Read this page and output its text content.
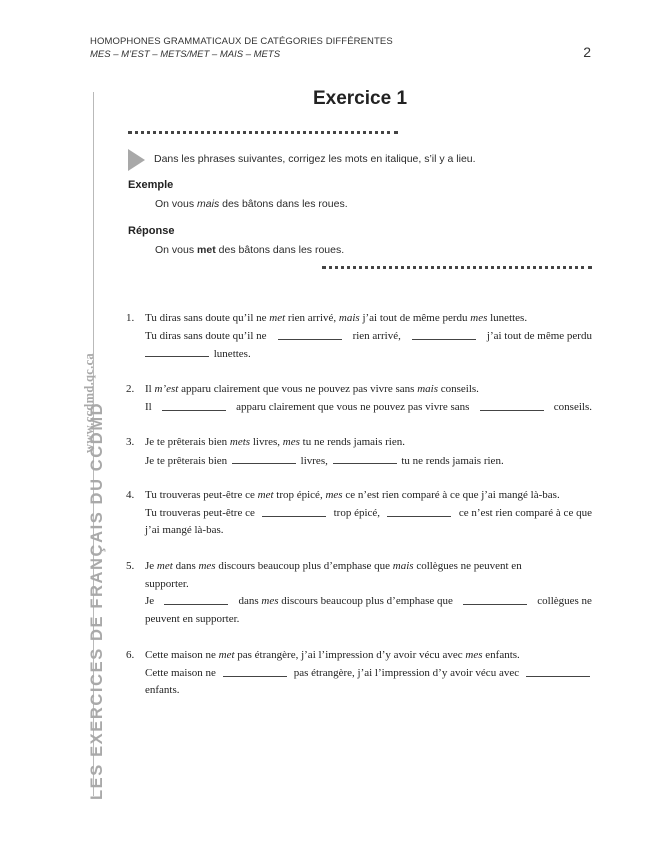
HOMOPHONES GRAMMATICAUX DE CATÉGORIES DIFFÉRENTES
MES – M’EST – METS/MET – MAIS – METS	2
www.ccdmd.qc.ca
LES EXERCICES DE FRANÇAIS DU CCDMD
Exercice 1
Dans les phrases suivantes, corrigez les mots en italique, s’il y a lieu.
Exemple
On vous mais des bâtons dans les roues.
Réponse
On vous met des bâtons dans les roues.
1. Tu diras sans doute qu’il ne met rien arrivé, mais j’ai tout de même perdu mes lunettes.
Tu diras sans doute qu’il ne	rien arrivé,	j’ai tout de même perdu
lunettes.
2. Il m’est apparu clairement que vous ne pouvez pas vivre sans mais conseils.
Il	apparu clairement que vous ne pouvez pas vivre sans	conseils.
3. Je te prêterais bien mets livres, mes tu ne rends jamais rien.
Je te prêterais bien	livres,	tu ne rends jamais rien.
4. Tu trouveras peut-être ce met trop épicé, mes ce n’est rien comparé à ce que j’ai mangé là-bas.
Tu trouveras peut-être ce	trop épicé,	ce n’est rien comparé à ce que
j’ai mangé là-bas.
5. Je met dans mes discours beaucoup plus d’emphase que mais collègues ne peuvent en
supporter.
Je	dans mes discours beaucoup plus d’emphase que	collègues ne
peuvent en supporter.
6. Cette maison ne met pas étrangère, j’ai l’impression d’y avoir vécu avec mes enfants.
Cette maison ne	pas étrangère, j’ai l’impression d’y avoir vécu avec
enfants.
